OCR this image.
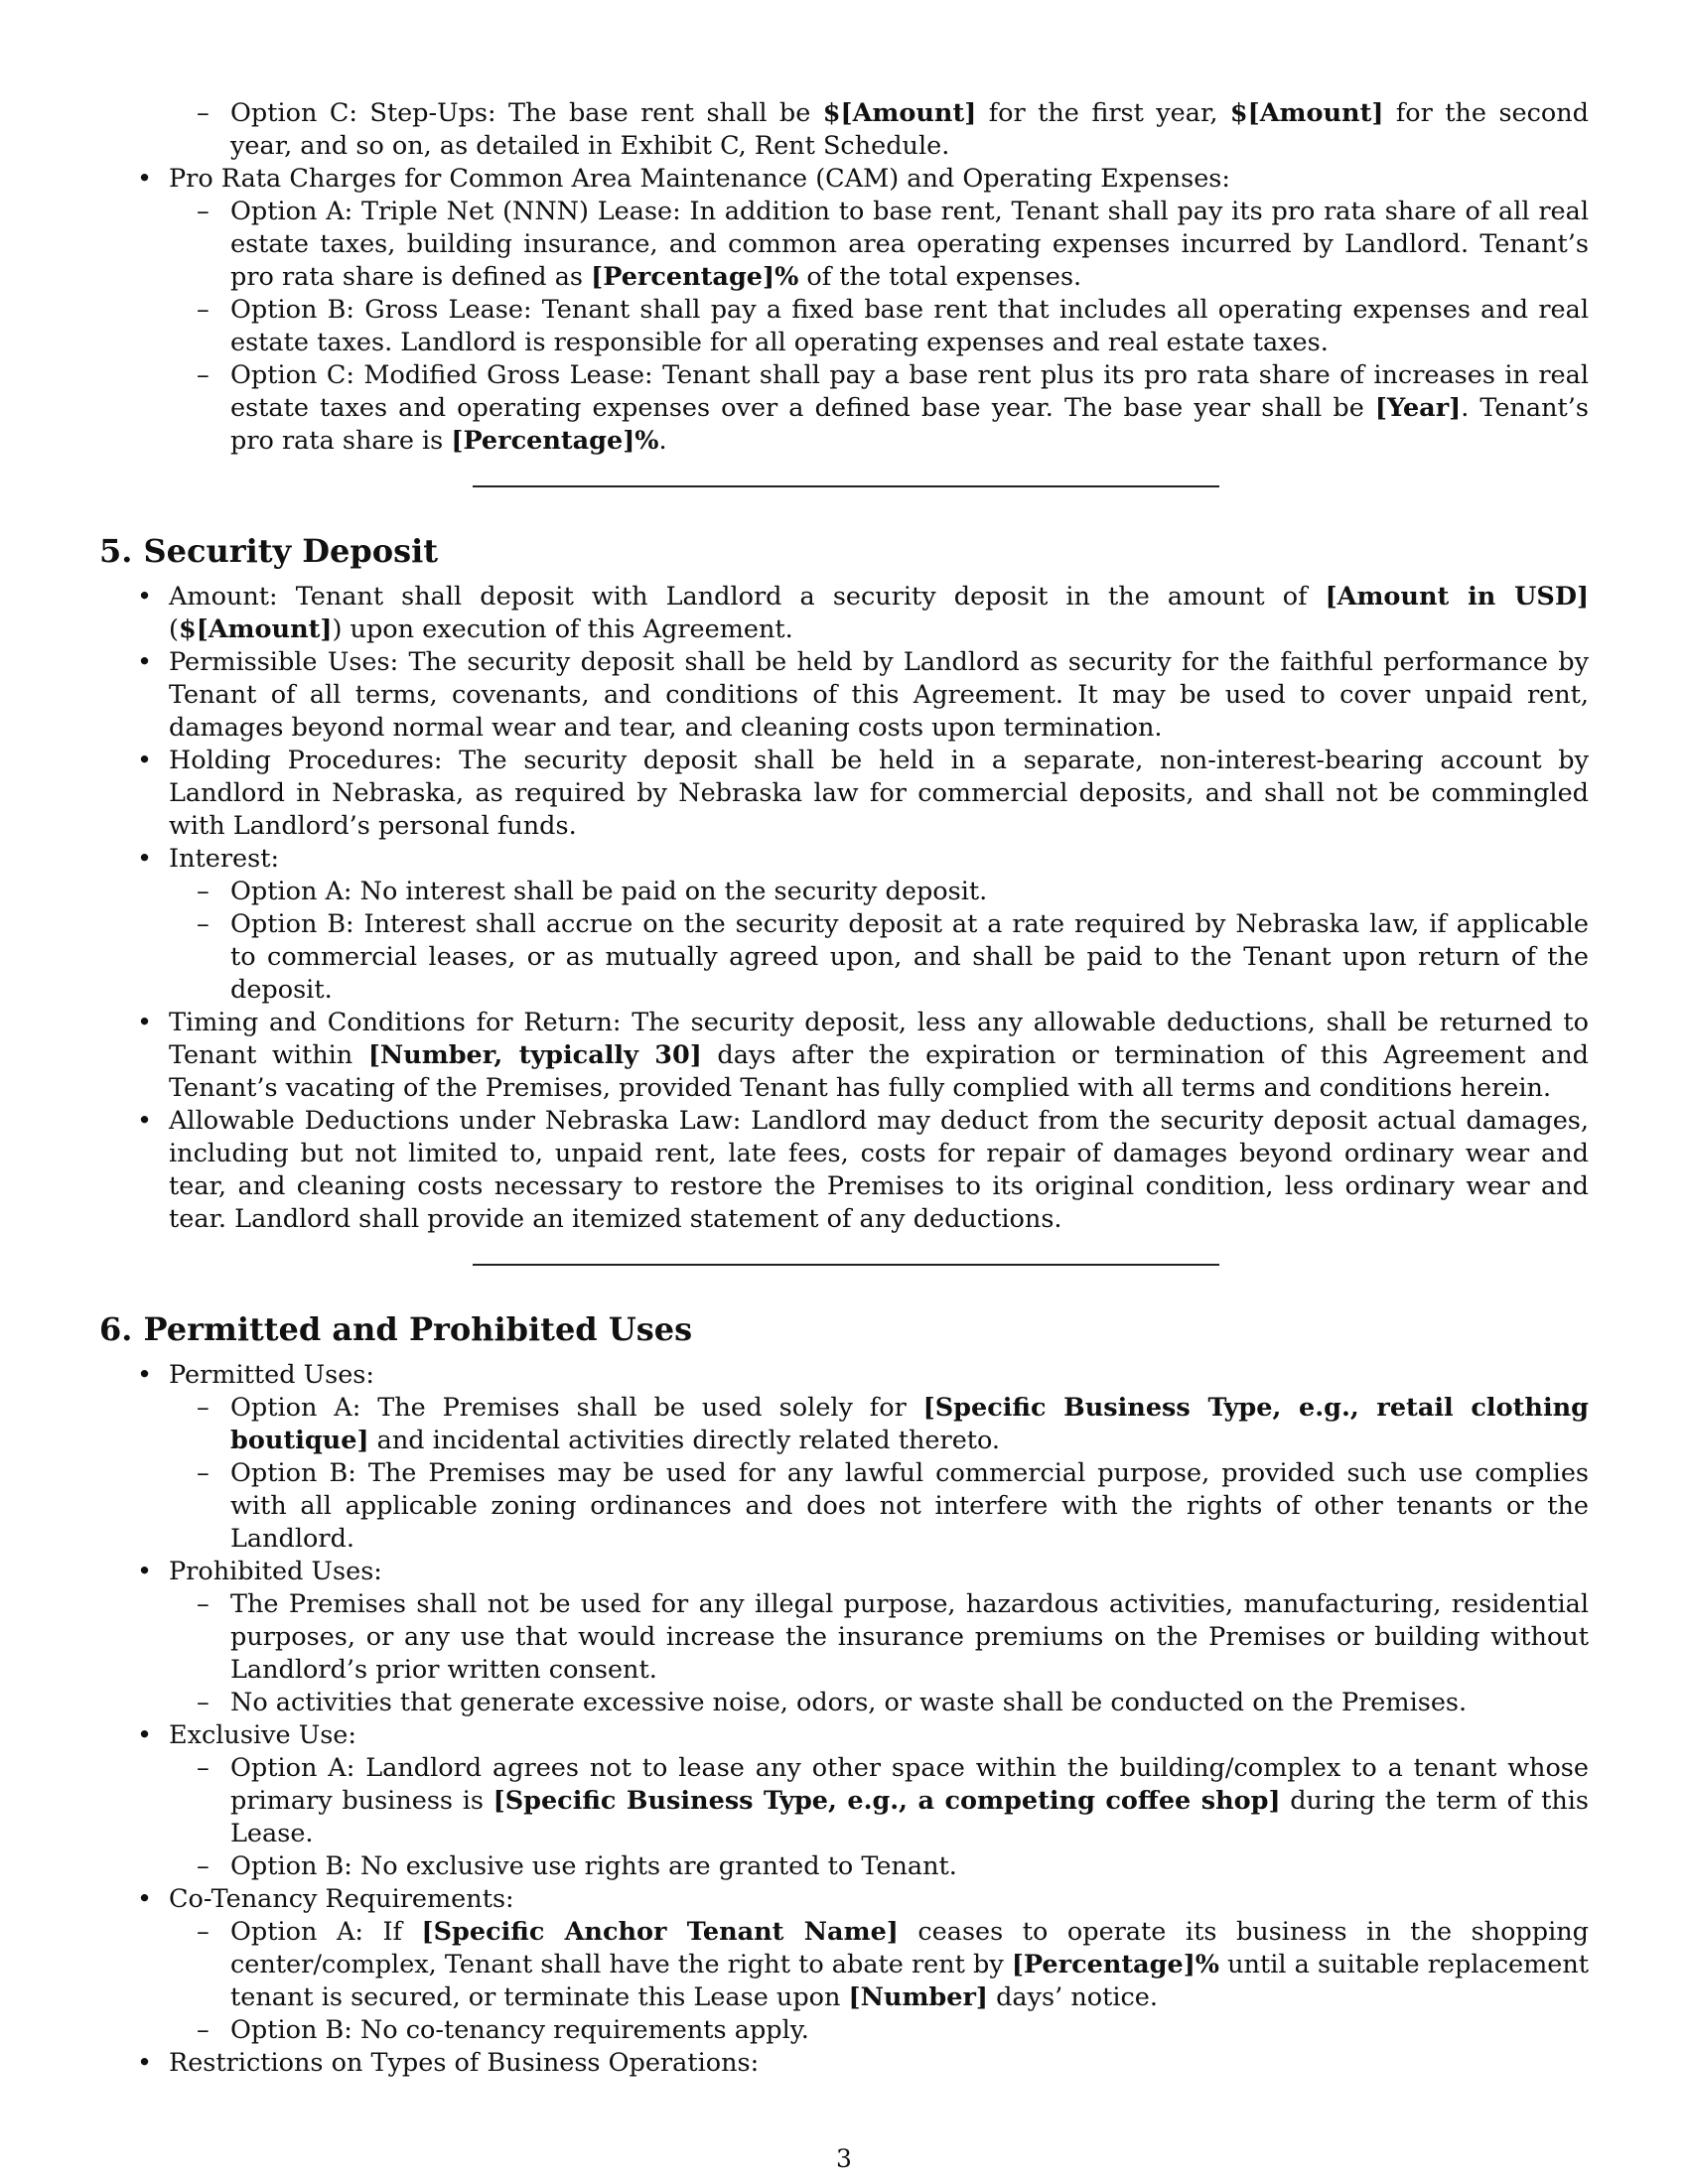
– Option C: Step-Ups: The base rent shall be $[Amount] for the first year, $[Amount] for the second year, and so on, as detailed in Exhibit C, Rent Schedule.
• Pro Rata Charges for Common Area Maintenance (CAM) and Operating Expenses:
– Option A: Triple Net (NNN) Lease: In addition to base rent, Tenant shall pay its pro rata share of all real estate taxes, building insurance, and common area operating expenses incurred by Landlord. Tenant’s pro rata share is defined as [Percentage]% of the total expenses.
– Option B: Gross Lease: Tenant shall pay a fixed base rent that includes all operating expenses and real estate taxes. Landlord is responsible for all operating expenses and real estate taxes.
– Option C: Modified Gross Lease: Tenant shall pay a base rent plus its pro rata share of increases in real estate taxes and operating expenses over a defined base year. The base year shall be [Year]. Tenant’s pro rata share is [Percentage]%.
5. Security Deposit
• Amount: Tenant shall deposit with Landlord a security deposit in the amount of [Amount in USD] ($[Amount]) upon execution of this Agreement.
• Permissible Uses: The security deposit shall be held by Landlord as security for the faithful performance by Tenant of all terms, covenants, and conditions of this Agreement. It may be used to cover unpaid rent, damages beyond normal wear and tear, and cleaning costs upon termination.
• Holding Procedures: The security deposit shall be held in a separate, non-interest-bearing account by Landlord in Nebraska, as required by Nebraska law for commercial deposits, and shall not be commingled with Landlord’s personal funds.
• Interest:
– Option A: No interest shall be paid on the security deposit.
– Option B: Interest shall accrue on the security deposit at a rate required by Nebraska law, if applicable to commercial leases, or as mutually agreed upon, and shall be paid to the Tenant upon return of the deposit.
• Timing and Conditions for Return: The security deposit, less any allowable deductions, shall be returned to Tenant within [Number, typically 30] days after the expiration or termination of this Agreement and Tenant’s vacating of the Premises, provided Tenant has fully complied with all terms and conditions herein.
• Allowable Deductions under Nebraska Law: Landlord may deduct from the security deposit actual damages, including but not limited to, unpaid rent, late fees, costs for repair of damages beyond ordinary wear and tear, and cleaning costs necessary to restore the Premises to its original condition, less ordinary wear and tear. Landlord shall provide an itemized statement of any deductions.
6. Permitted and Prohibited Uses
• Permitted Uses:
– Option A: The Premises shall be used solely for [Specific Business Type, e.g., retail clothing boutique] and incidental activities directly related thereto.
– Option B: The Premises may be used for any lawful commercial purpose, provided such use complies with all applicable zoning ordinances and does not interfere with the rights of other tenants or the Landlord.
• Prohibited Uses:
– The Premises shall not be used for any illegal purpose, hazardous activities, manufacturing, residential purposes, or any use that would increase the insurance premiums on the Premises or building without Landlord’s prior written consent.
– No activities that generate excessive noise, odors, or waste shall be conducted on the Premises.
• Exclusive Use:
– Option A: Landlord agrees not to lease any other space within the building/complex to a tenant whose primary business is [Specific Business Type, e.g., a competing coffee shop] during the term of this Lease.
– Option B: No exclusive use rights are granted to Tenant.
• Co-Tenancy Requirements:
– Option A: If [Specific Anchor Tenant Name] ceases to operate its business in the shopping center/complex, Tenant shall have the right to abate rent by [Percentage]% until a suitable replacement tenant is secured, or terminate this Lease upon [Number] days’ notice.
– Option B: No co-tenancy requirements apply.
• Restrictions on Types of Business Operations:
3
